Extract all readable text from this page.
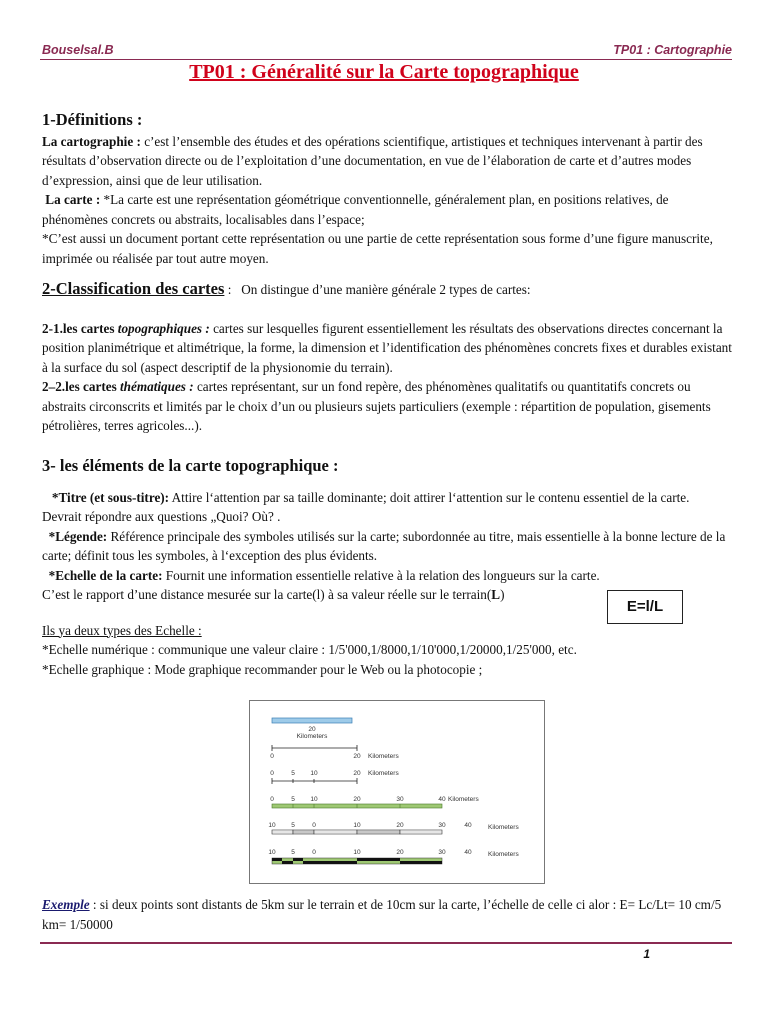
Bouselsal.B	TP01 : Cartographie
TP01 : Généralité sur la Carte topographique
1-Définitions :
La cartographie : c’est l’ensemble des études et des opérations scientifique, artistiques et techniques intervenant à partir des résultats d’observation directe ou de l’exploitation d’une documentation, en vue de l’élaboration de carte et d’autres modes d’expression, ainsi que de leur utilisation.
La carte : *La carte est une représentation géométrique conventionnelle, généralement plan, en positions relatives, de phénomènes concrets ou abstraits, localisables dans l’espace;
*C’est aussi un document portant cette représentation ou une partie de cette représentation sous forme d’une figure manuscrite, imprimée ou réalisée par tout autre moyen.
2-Classification des cartes : On distingue d’une manière générale 2 types de cartes:
2-1.les cartes topographiques : cartes sur lesquelles figurent essentiellement les résultats des observations directes concernant la position planimétrique et altimétrique, la forme, la dimension et l’identification des phénomènes concrets fixes et durables existant à la surface du sol (aspect descriptif de la physionomie du terrain).
2–2.les cartes thématiques : cartes représentant, sur un fond repère, des phénomènes qualitatifs ou quantitatifs concrets ou abstraits circonscrits et limités par le choix d’un ou plusieurs sujets particuliers (exemple : répartition de population, gisements pétrolières, terres agricoles...).
3- les éléments de la carte topographique :
*Titre (et sous-titre): Attire l‘attention par sa taille dominante; doit attirer l‘attention sur le contenu essentiel de la carte. Devrait répondre aux questions „Quoi? Où? .
*Légende: Référence principale des symboles utilisés sur la carte; subordonnée au titre, mais essentielle à la bonne lecture de la carte; définit tous les symboles, à l‘exception des plus évidents.
*Echelle de la carte: Fournit une information essentielle relative à la relation des longueurs sur la carte.
C’est le rapport d’une distance mesurée sur la carte(l) à sa valeur réelle sur le terrain(L)
Ils ya deux types des Echelle :
*Echelle numérique : communique une valeur claire : 1/5'000,1/8000,1/10'000,1/20000,1/25'000, etc.
*Echelle graphique : Mode graphique recommander pour le Web ou la photocopie ;
E=l/L
20
Kilometers
0	20 Kilometers
0	5 10	20 Kilometers
0	5 10	20	30	40 Kilometers
10 5	0	10	20	30	40	Kilometers
10 5	0	10	20	30	40	Kilometers
Exemple : si deux points sont distants de 5km sur le terrain et de 10cm sur la carte, l’échelle de celle ci alor : E= Lc/Lt= 10 cm/5 km= 1/50000
1
